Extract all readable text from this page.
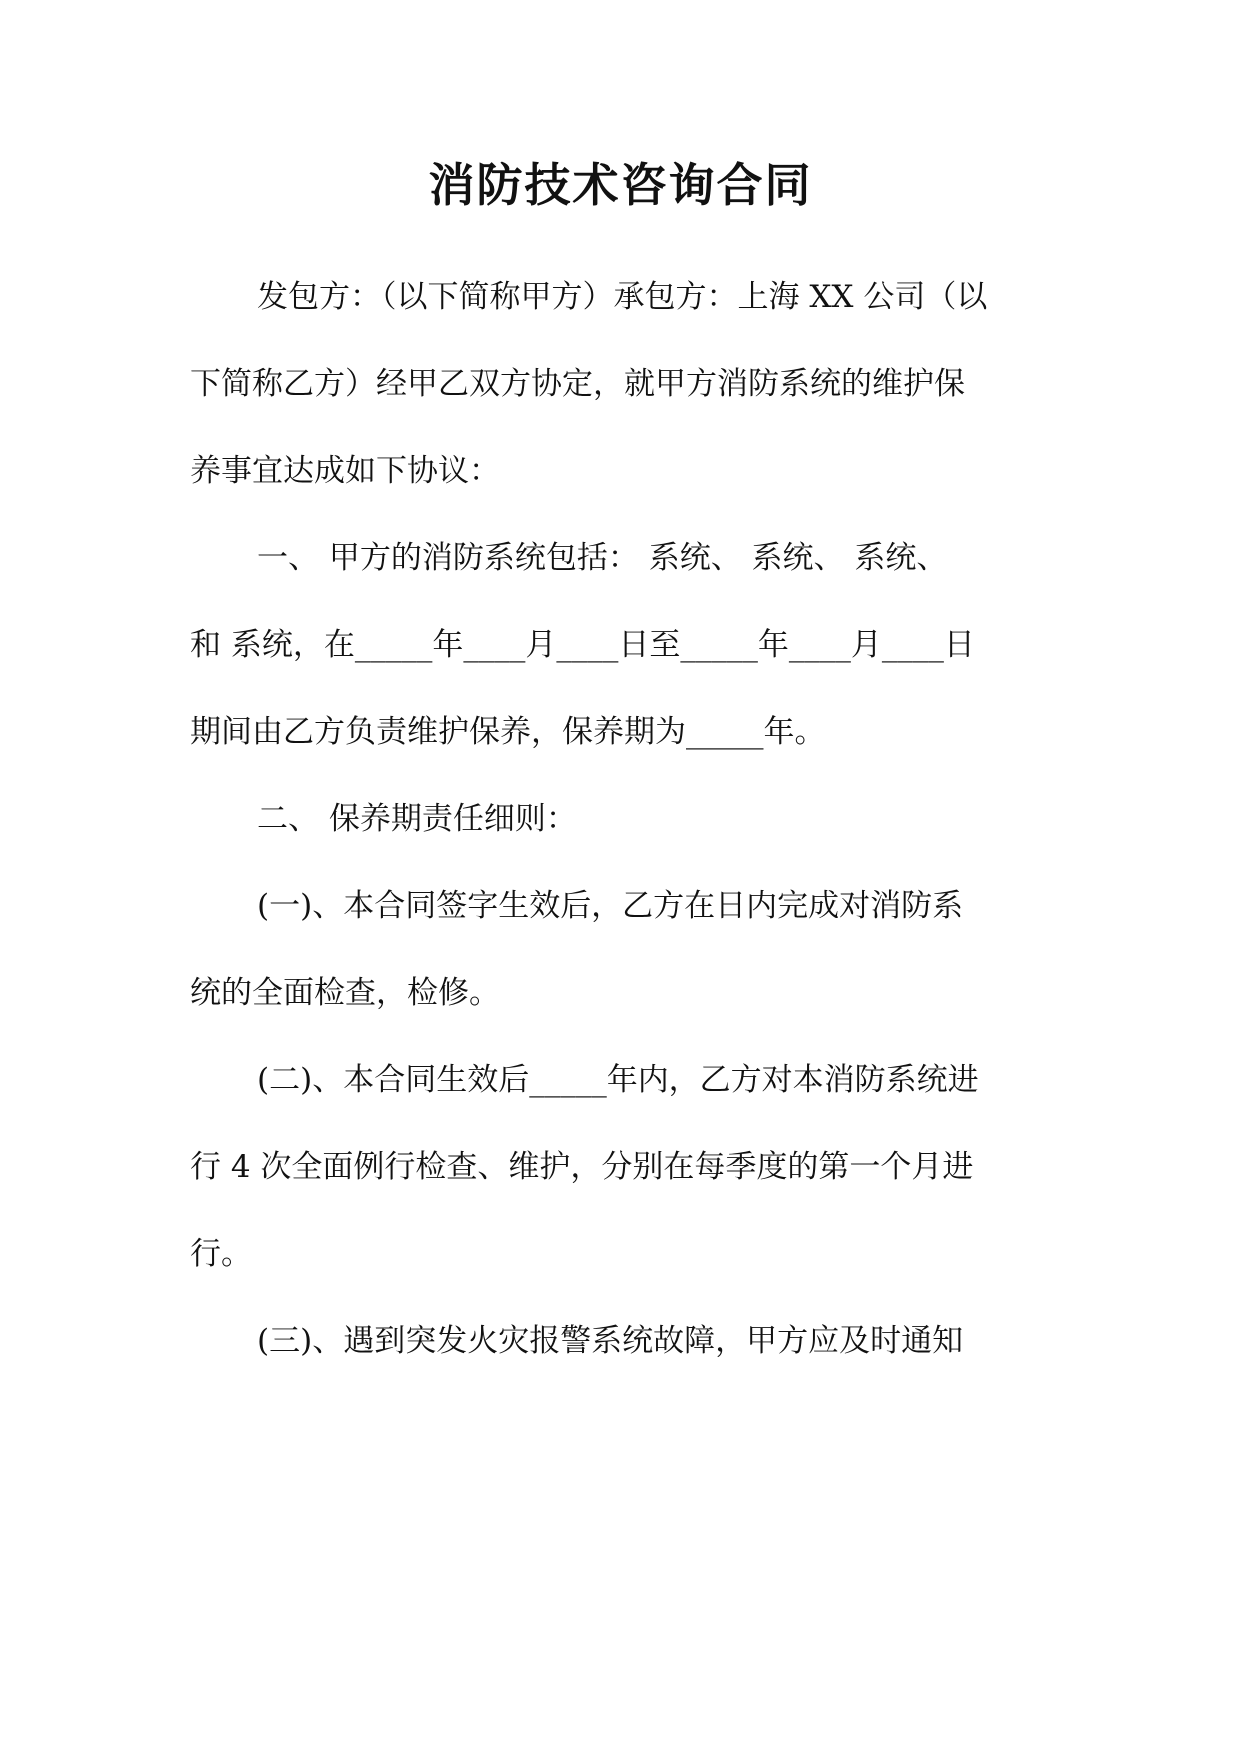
消防技术咨询合同

发包方：（以下简称甲方）承包方：上海 XX 公司（以

下简称乙方）经甲乙双方协定，就甲方消防系统的维护保

养事宜达成如下协议：

一、 甲方的消防系统包括： 系统、 系统、 系统、

和 系统，在_____年____月____日至_____年____月____日

期间由乙方负责维护保养，保养期为_____年。

二、 保养期责任细则：

(一)、本合同签字生效后，乙方在日内完成对消防系

统的全面检查，检修。

(二)、本合同生效后_____年内，乙方对本消防系统进

行 4 次全面例行检查、维护，分别在每季度的第一个月进

行。

(三)、遇到突发火灾报警系统故障，甲方应及时通知
